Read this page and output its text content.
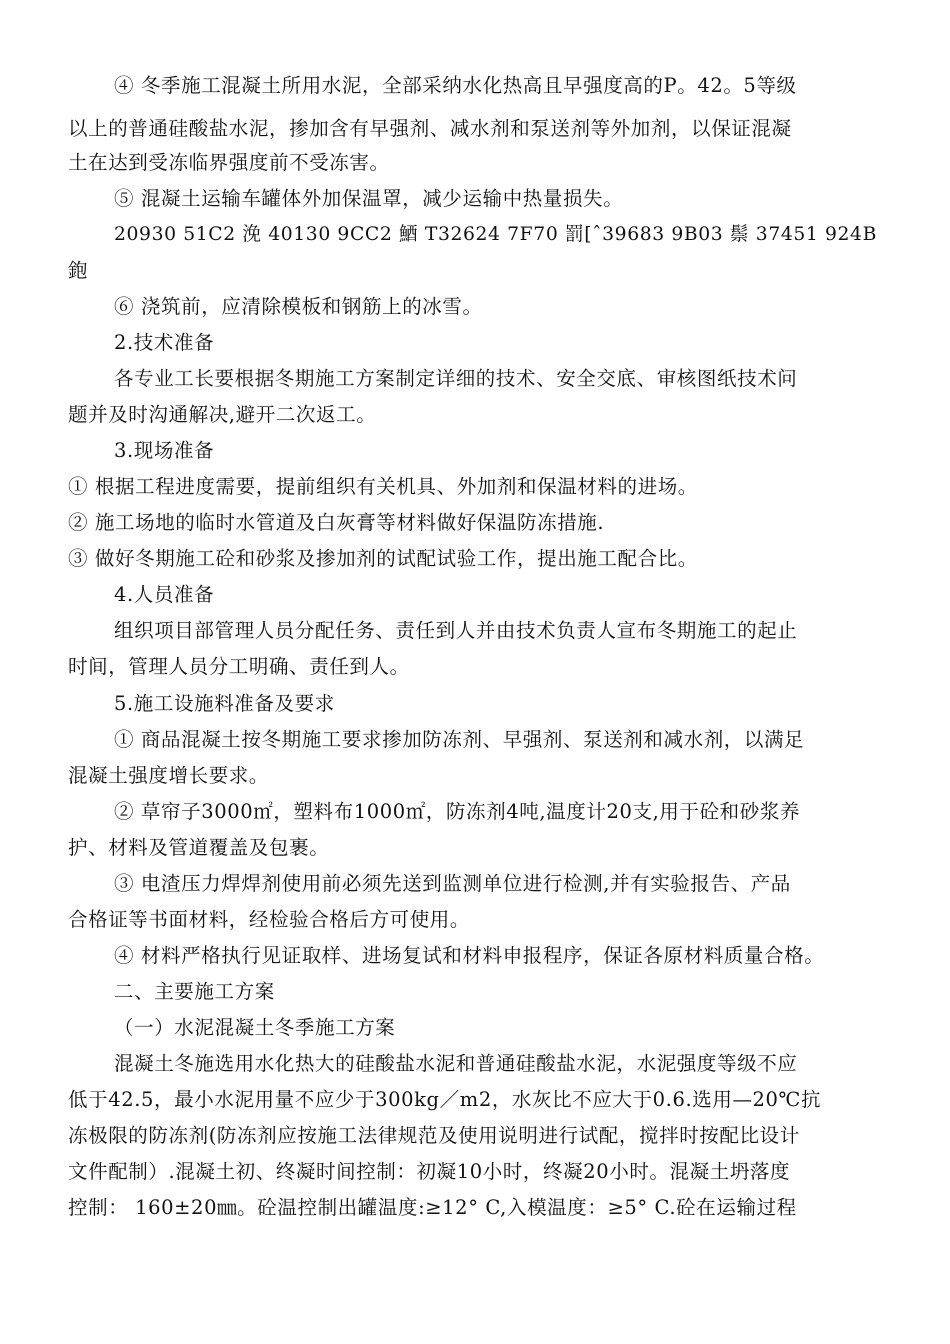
④ 冬季施工混凝土所用水泥，全部采纳水化热高且早强度高的P。42。5等级
以上的普通硅酸盐水泥，掺加含有早强剂、减水剂和泵送剂等外加剂，以保证混凝
土在达到受冻临界强度前不受冻害。
⑤ 混凝土运输车罐体外加保温罩，减少运输中热量损失。
20930 51C2 浼 40130 9CC2 鯂 T32624 7F70 罰[ˆ39683 9B03 鬃 37451 924B
鉋
⑥ 浇筑前，应清除模板和钢筋上的冰雪。
2.技术准备
各专业工长要根据冬期施工方案制定详细的技术、安全交底、审核图纸技术问
题并及时沟通解决,避开二次返工。
3.现场准备
① 根据工程进度需要，提前组织有关机具、外加剂和保温材料的进场。
② 施工场地的临时水管道及白灰膏等材料做好保温防冻措施.
③ 做好冬期施工砼和砂浆及掺加剂的试配试验工作，提出施工配合比。
4.人员准备
组织项目部管理人员分配任务、责任到人并由技术负责人宣布冬期施工的起止
时间，管理人员分工明确、责任到人。
5.施工设施料准备及要求
① 商品混凝土按冬期施工要求掺加防冻剂、早强剂、泵送剂和减水剂，以满足
混凝土强度增长要求。
② 草帘子3000㎡，塑料布1000㎡，防冻剂4吨,温度计20支,用于砼和砂浆养
护、材料及管道覆盖及包裹。
③ 电渣压力焊焊剂使用前必须先送到监测单位进行检测,并有实验报告、产品
合格证等书面材料，经检验合格后方可使用。
④ 材料严格执行见证取样、进场复试和材料申报程序，保证各原材料质量合格。
二、主要施工方案
（一）水泥混凝土冬季施工方案
混凝土冬施选用水化热大的硅酸盐水泥和普通硅酸盐水泥，水泥强度等级不应
低于42.5，最小水泥用量不应少于300kg／m2，水灰比不应大于0.6.选用—20℃抗
冻极限的防冻剂(防冻剂应按施工法律规范及使用说明进行试配，搅拌时按配比设计
文件配制）.混凝土初、终凝时间控制：初凝10小时，终凝20小时。混凝土坍落度
控制： 160±20㎜。砼温控制出罐温度:≥12° C,入模温度：≥5° C.砼在运输过程
